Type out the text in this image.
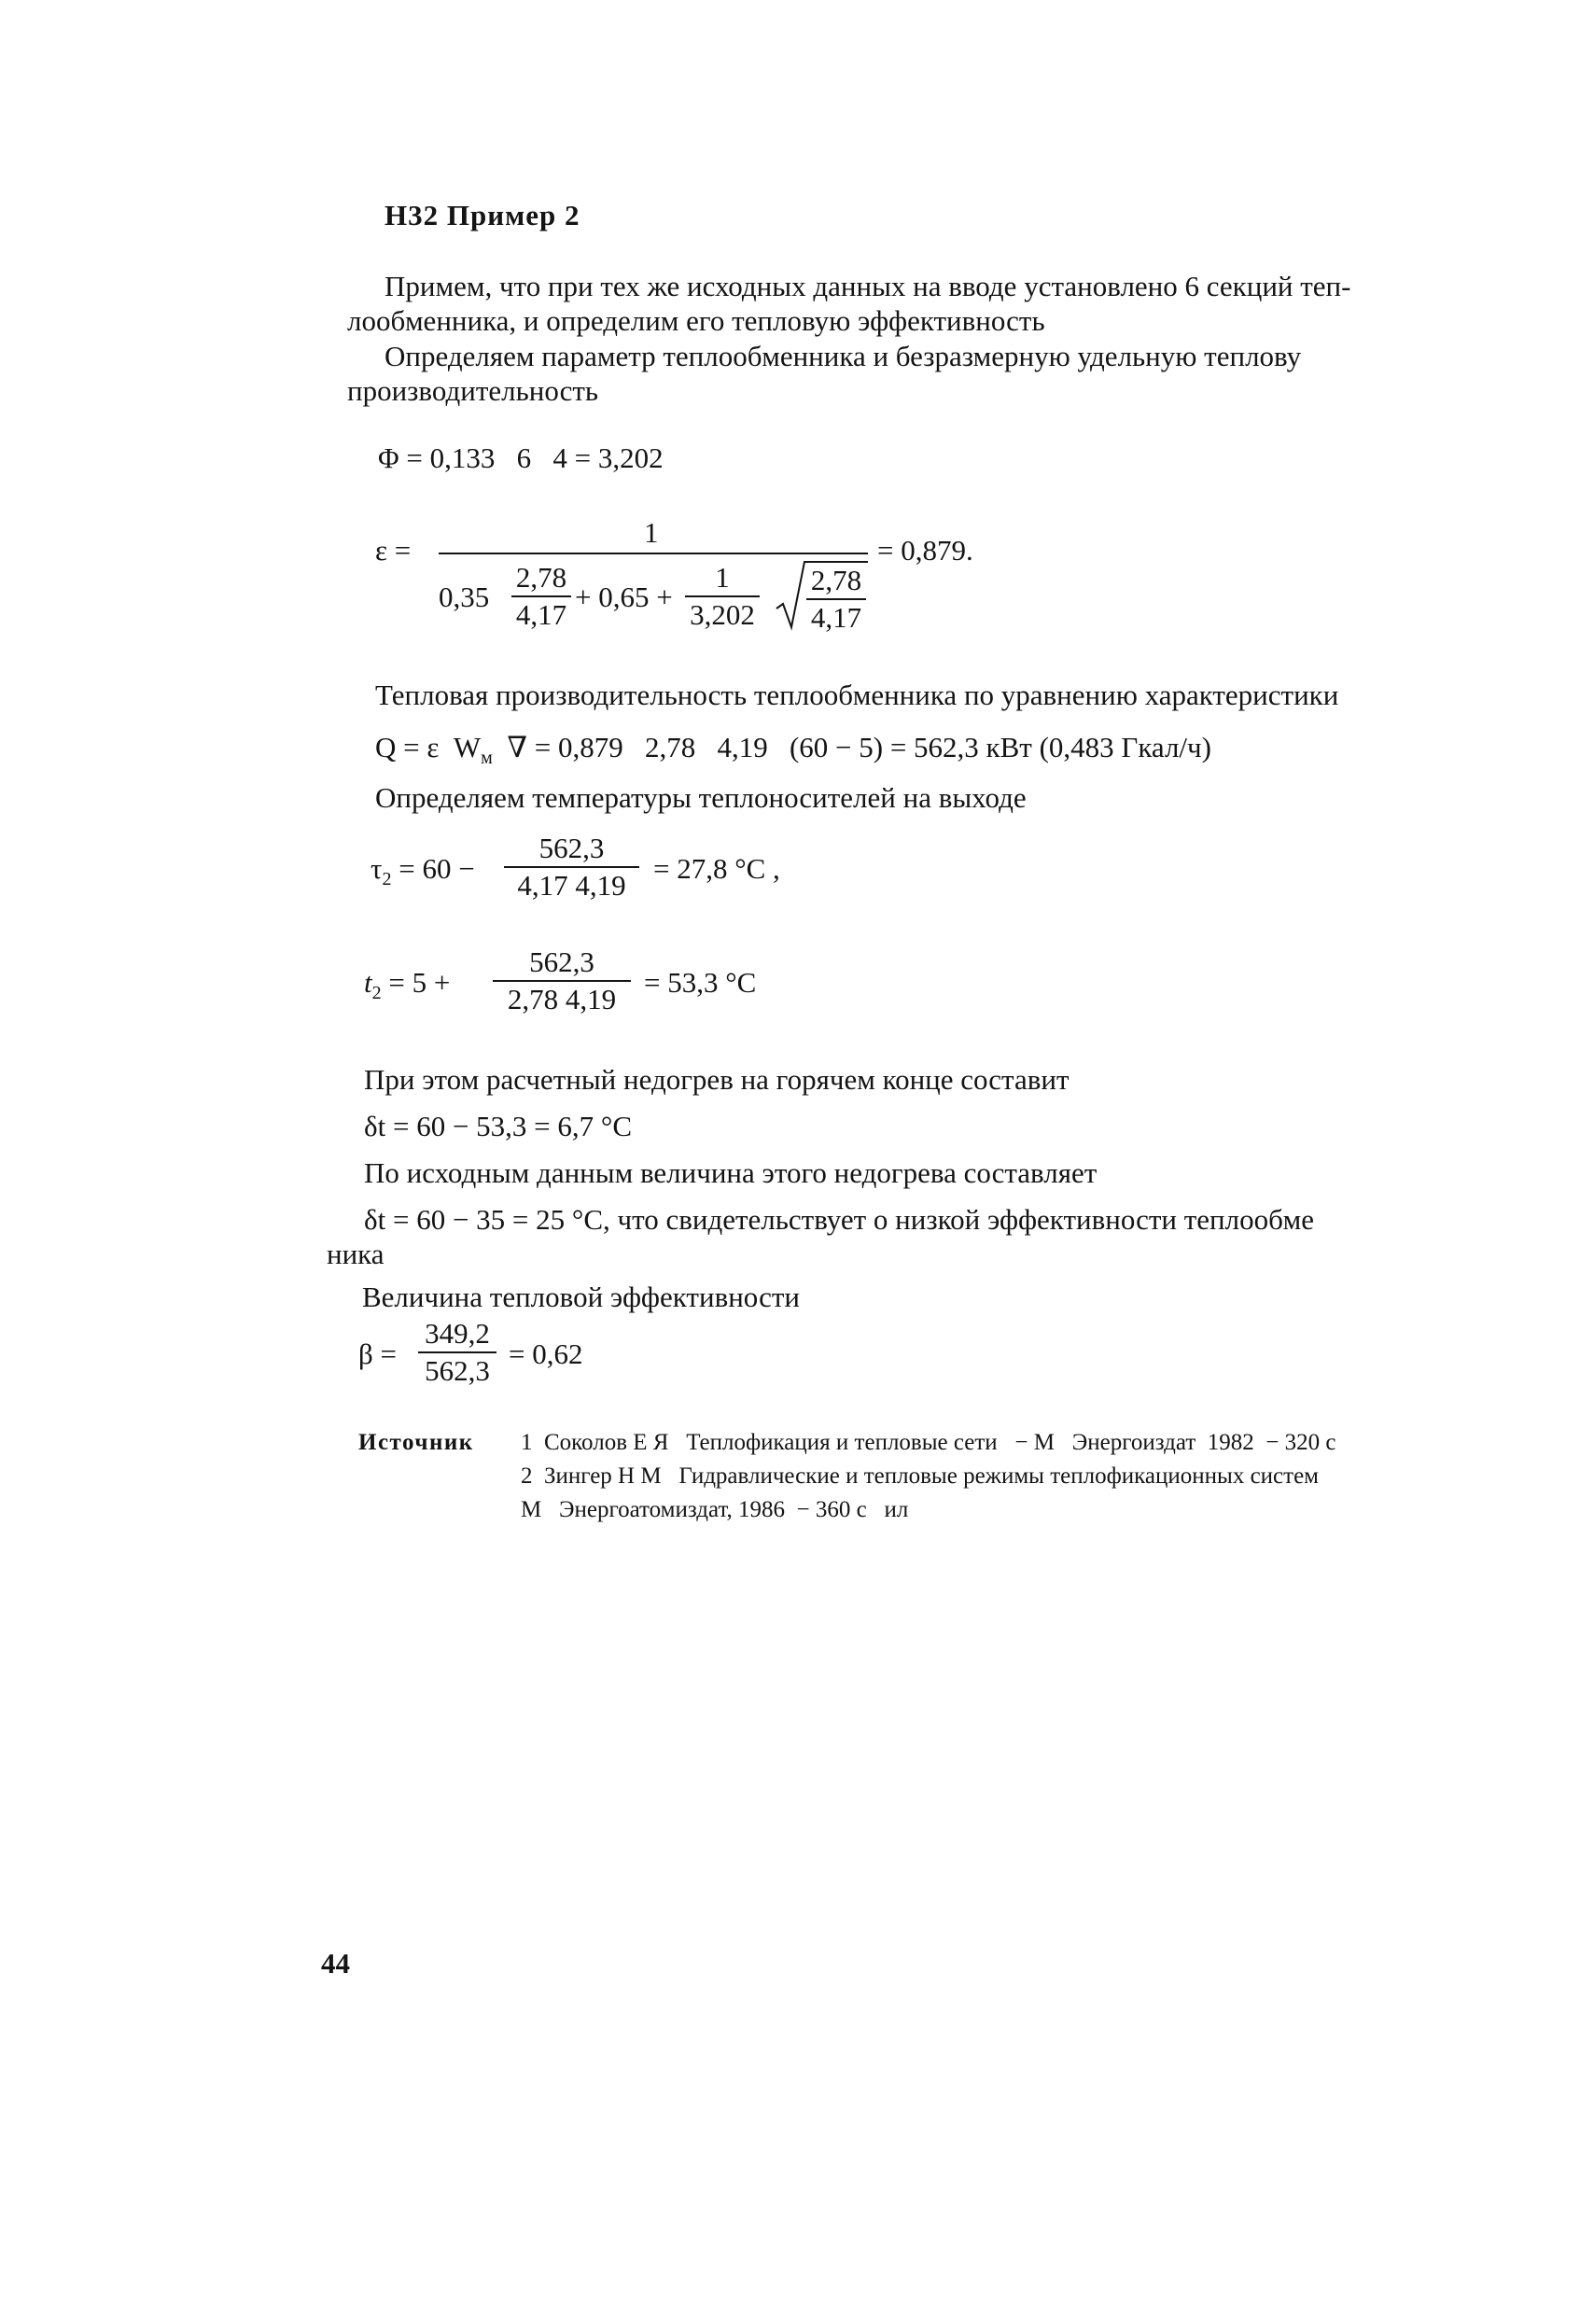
Н32 Пример 2
Примем, что при тех же исходных данных на вводе установлено 6 секций теп-
лообменника, и определим его тепловую эффективность
Определяем параметр теплообменника и безразмерную удельную теплову
производительность
Φ = 0,133   6   4 = 3,202
ε =
1
0,35
2,78
4,17
+ 0,65 +
1
3,202
2,78
4,17
= 0,879.
Тепловая производительность теплообменника по уравнению характеристики
Q = ε  $W_м$  ∇ = 0,879   2,78   4,19   (60 − 5) = 562,3 кВт (0,483 Гкал/ч)
Определяем температуры теплоносителей на выходе
$\tau_2 = 60$ −
562,3
4,17 4,19
= 27,8 °С ,
$t_2 = 5$ +
562,3
2,78 4,19
= 53,3 °С
При этом расчетный недогрев на горячем конце составит
δt = 60 − 53,3 = 6,7 °С
По исходным данным величина этого недогрева составляет
δt = 60 − 35 = 25 °С, что свидетельствует о низкой эффективности теплообме
ника
Величина тепловой эффективности
β =
349,2
562,3
= 0,62
Источник 1  Соколов Е Я   Теплофикация и тепловые сети   − М   Энергоиздат  1982  − 320 с
2  Зингер Н М   Гидравлические и тепловые режимы теплофикационных систем
М   Энергоатомиздат, 1986  − 360 с   ил
44
